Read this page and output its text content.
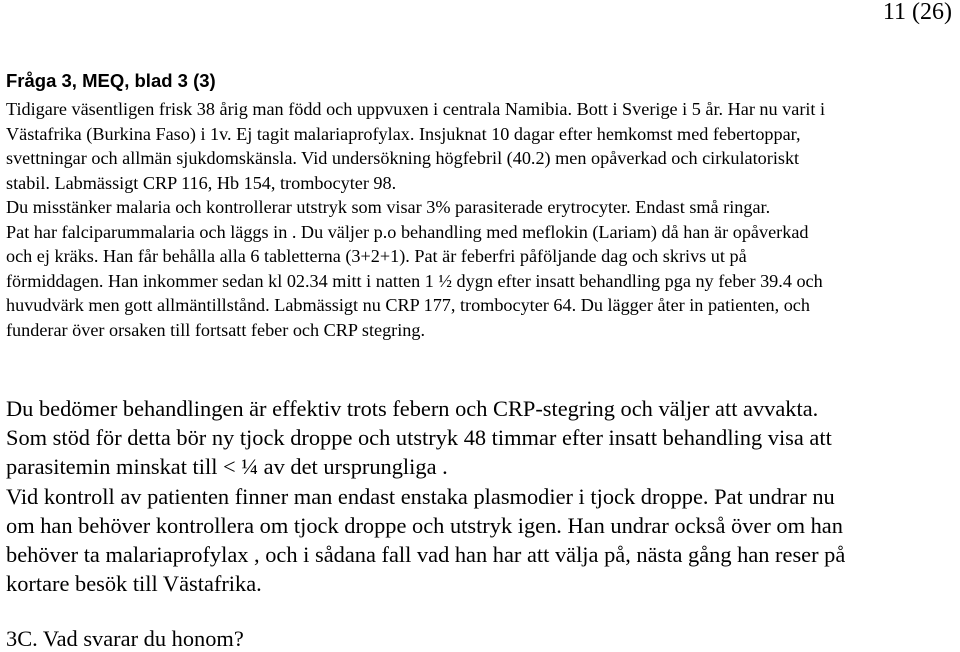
11 (26)
Fråga 3, MEQ, blad 3 (3)
Tidigare väsentligen frisk 38 årig man född och uppvuxen i centrala Namibia. Bott i Sverige i 5 år. Har nu varit i
Västafrika (Burkina Faso) i 1v. Ej tagit malariaprofylax. Insjuknat 10 dagar efter hemkomst med febertoppar,
svettningar och allmän sjukdomskänsla. Vid undersökning högfebril (40.2) men opåverkad och cirkulatoriskt
stabil. Labmässigt CRP 116, Hb 154, trombocyter 98.
Du misstänker malaria och kontrollerar utstryk som visar 3% parasiterade erytrocyter. Endast små ringar.
Pat har falciparummalaria och läggs in . Du väljer p.o behandling med meflokin (Lariam) då han är opåverkad
och ej kräks. Han får behålla alla 6 tabletterna (3+2+1). Pat är feberfri påföljande dag och skrivs ut på
förmiddagen. Han inkommer sedan kl 02.34 mitt i natten 1 ½ dygn efter insatt behandling pga ny feber 39.4 och
huvudvärk men gott allmäntillstånd. Labmässigt nu CRP 177, trombocyter 64. Du lägger åter in patienten, och
funderar över orsaken till fortsatt feber och CRP stegring.
Du bedömer behandlingen är effektiv trots febern och CRP-stegring och väljer att avvakta.
Som stöd för detta bör ny tjock droppe och utstryk 48 timmar efter insatt behandling visa att
parasitemin minskat till < ¼ av det ursprungliga .
Vid kontroll av patienten finner man endast enstaka plasmodier i tjock droppe. Pat undrar nu
om han behöver kontrollera om tjock droppe och utstryk igen. Han undrar också över om han
behöver ta malariaprofylax , och i sådana fall vad han har att välja på, nästa gång han reser på
kortare besök till Västafrika.
3C. Vad svarar du honom?
